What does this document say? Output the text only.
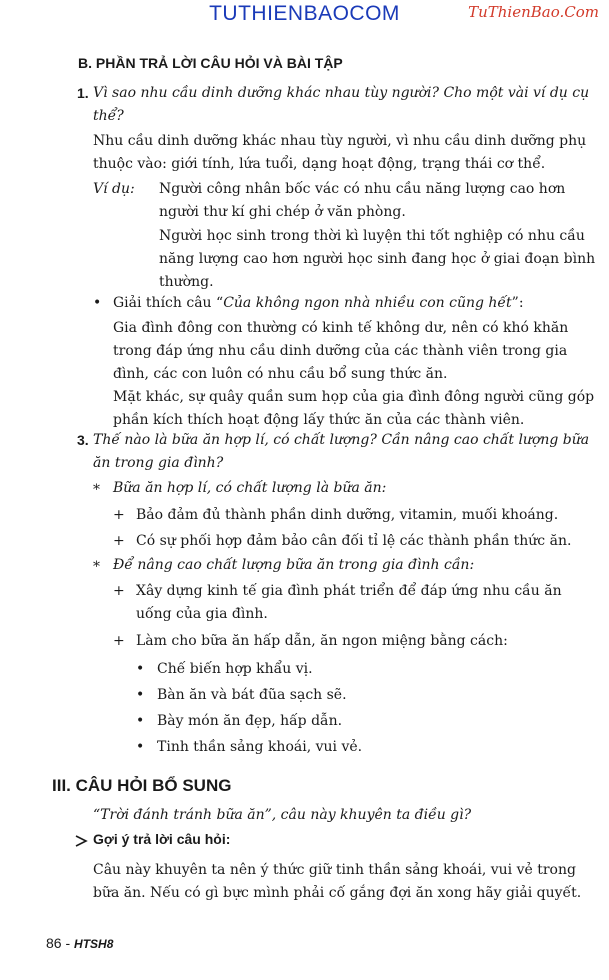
TUTHIENBAOCOM	TuThienBao.Com
B. PHẦN TRẢ LỜI CÂU HỎI VÀ BÀI TẬP
1. Vì sao nhu cầu dinh dưỡng khác nhau tùy người? Cho một vài ví dụ cụ
thể?
Nhu cầu dinh dưỡng khác nhau tùy người, vì nhu cầu dinh dưỡng phụ
thuộc vào: giới tính, lứa tuổi, dạng hoạt động, trạng thái cơ thể.
Ví dụ: Người công nhân bốc vác có nhu cầu năng lượng cao hơn
người thư kí ghi chép ở văn phòng.
Người học sinh trong thời kì luyện thi tốt nghiệp có nhu cầu
năng lượng cao hơn người học sinh đang học ở giai đoạn bình
thường.
• Giải thích câu “Của không ngon nhà nhiều con cũng hết”:
Gia đình đông con thường có kinh tế không dư, nên có khó khăn
trong đáp ứng nhu cầu dinh dưỡng của các thành viên trong gia
đình, các con luôn có nhu cầu bổ sung thức ăn.
Mặt khác, sự quây quần sum họp của gia đình đông người cũng góp
phần kích thích hoạt động lấy thức ăn của các thành viên.
3. Thế nào là bữa ăn hợp lí, có chất lượng? Cần nâng cao chất lượng bữa
ăn trong gia đình?
* Bữa ăn hợp lí, có chất lượng là bữa ăn:
+ Bảo đảm đủ thành phần dinh dưỡng, vitamin, muối khoáng.
+ Có sự phối hợp đảm bảo cân đối tỉ lệ các thành phần thức ăn.
* Để nâng cao chất lượng bữa ăn trong gia đình cần:
+ Xây dựng kinh tế gia đình phát triển để đáp ứng nhu cầu ăn
uống của gia đình.
+ Làm cho bữa ăn hấp dẫn, ăn ngon miệng bằng cách:
• Chế biến hợp khẩu vị.
• Bàn ăn và bát đũa sạch sẽ.
• Bày món ăn đẹp, hấp dẫn.
• Tinh thần sảng khoái, vui vẻ.
III. CÂU HỎI BỔ SUNG
“Trời đánh tránh bữa ăn”, câu này khuyên ta điều gì?
Gợi ý trả lời câu hỏi:
Câu này khuyên ta nên ý thức giữ tinh thần sảng khoái, vui vẻ trong
bữa ăn. Nếu có gì bực mình phải cố gắng đợi ăn xong hãy giải quyết.
86 - HTSH8
